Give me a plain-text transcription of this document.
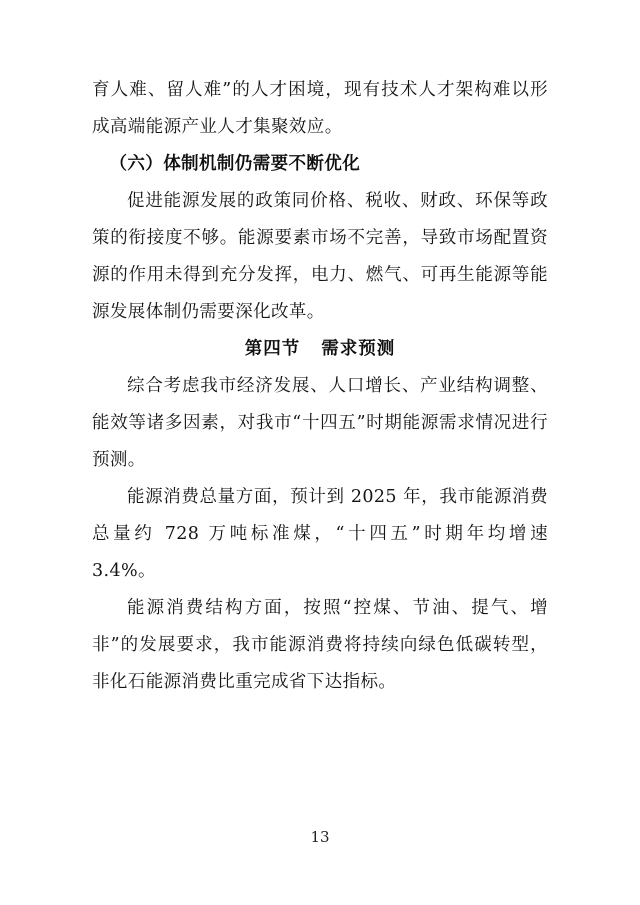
育人难、留人难”的人才困境，现有技术人才架构难以形成高端能源产业人才集聚效应。

（六）体制机制仍需要不断优化

促进能源发展的政策同价格、税收、财政、环保等政策的衔接度不够。能源要素市场不完善，导致市场配置资源的作用未得到充分发挥，电力、燃气、可再生能源等能源发展体制仍需要深化改革。

第四节 需求预测

综合考虑我市经济发展、人口增长、产业结构调整、能效等诸多因素，对我市“十四五”时期能源需求情况进行预测。

能源消费总量方面，预计到 2025 年，我市能源消费总量约 728 万吨标准煤，“十四五”时期年均增速 3.4%。

能源消费结构方面，按照“控煤、节油、提气、增非”的发展要求，我市能源消费将持续向绿色低碳转型，非化石能源消费比重完成省下达指标。

13
